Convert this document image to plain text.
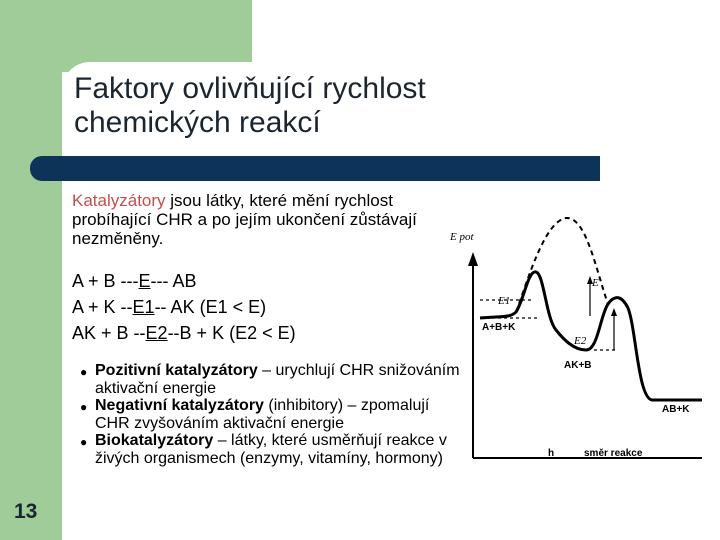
Faktory ovlivňující rychlost
chemických reakcí
13
Katalyzátory jsou látky, které mění rychlost probíhající CHR a po jejím ukončení zůstávají nezměněny.
A + B ---E--- AB
A + K --E1-- AK (E1 < E)
AK + B --E2--B + K (E2 < E)
● Pozitivní katalyzátory – urychlují CHR snižováním aktivační energie
● Negativní katalyzátory (inhibitory) – zpomalují CHR zvyšováním aktivační energie
● Biokatalyzátory – látky, které usměrňují reakce v živých organismech (enzymy, vitamíny, hormony)
E pot
E
E1
E2
A+B+K
AK+B
AB+K
směr reakce
h
